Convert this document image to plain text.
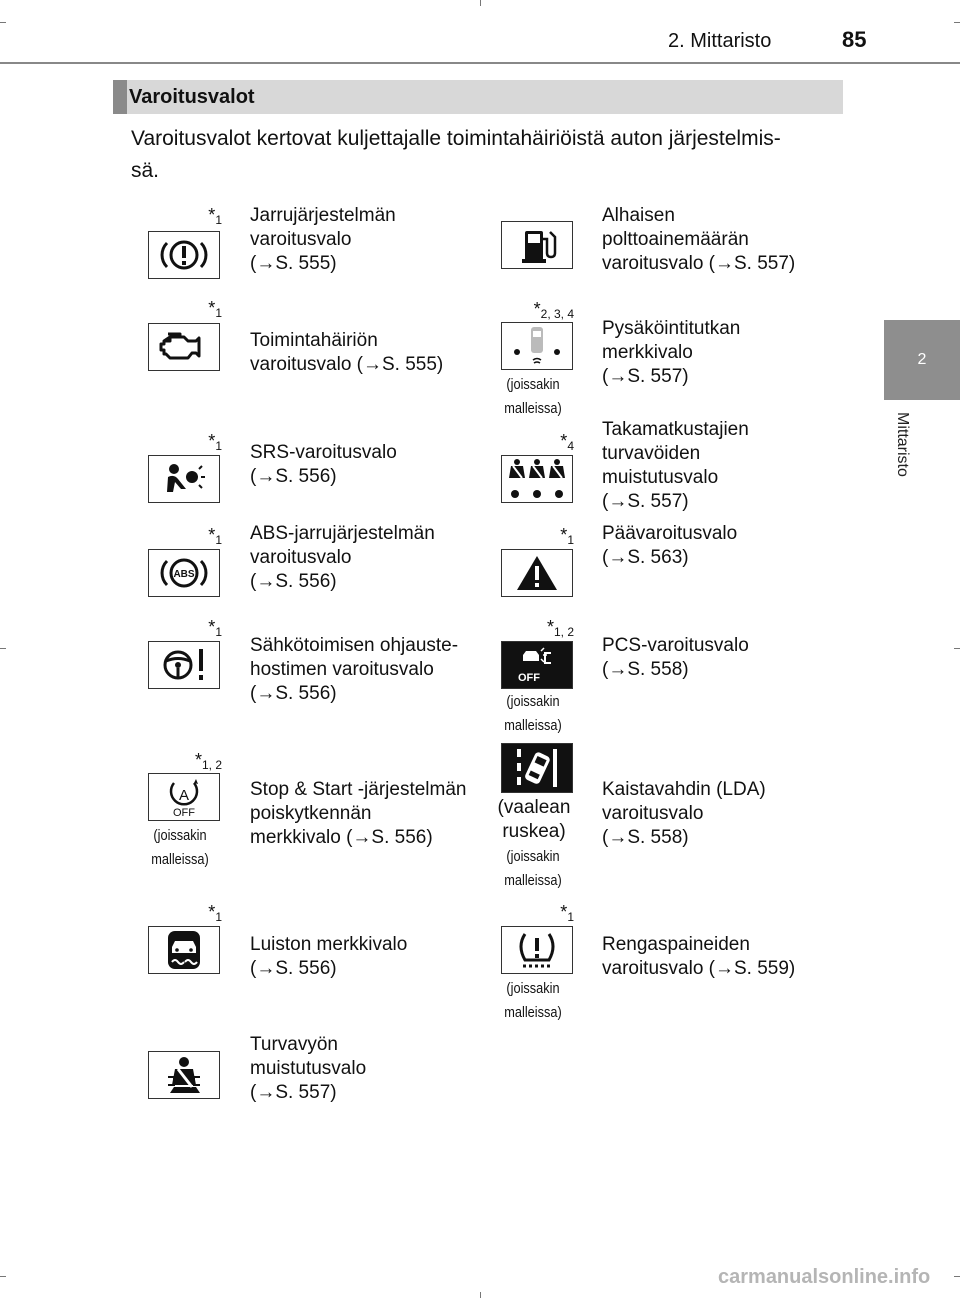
2. Mittaristo	85
2
Mittaristo
Varoitusvalot
Varoitusvalot kertovat kuljettajalle toimintahäiriöistä auton järjestelmis-
sä.
$*_1$ Jarrujärjestelmän
varoitusvalo
(→S. 555)
$*_1$
Toimintahäiriön
varoitusvalo (→S. 555)
$*_1$ SRS-varoitusvalo
(→S. 556)
$*_1$
ABS
ABS-jarrujärjestelmän
varoitusvalo
(→S. 556)
$*_1$
Sähkötoimisen ohjauste-
hostimen varoitusvalo
(→S. 556)
$*_{1, 2}$
A
OFF
(joissakin
malleissa)
Stop & Start -järjestelmän
poiskytkennän
merkkivalo (→S. 556)
$*_1$
Luiston merkkivalo
(→S. 556)
Turvavyön
muistutusvalo
(→S. 557)
Alhaisen
polttoainemäärän
varoitusvalo (→S. 557)
$*_{2, 3, 4}$
(joissakin
malleissa)
Pysäköintitutkan
merkkivalo
(→S. 557)
$*_4$
Takamatkustajien
turvavöiden
muistutusvalo
(→S. 557)
$*_1$ Päävaroitusvalo
(→S. 563)
$*_{1, 2}$
OFF
(joissakin
malleissa)
PCS-varoitusvalo
(→S. 558)
(vaalean
ruskea)
(joissakin
malleissa)
Kaistavahdin (LDA)
varoitusvalo
(→S. 558)
$*_1$
(joissakin
malleissa)
Rengaspaineiden
varoitusvalo (→S. 559)
carmanualsonline.info
